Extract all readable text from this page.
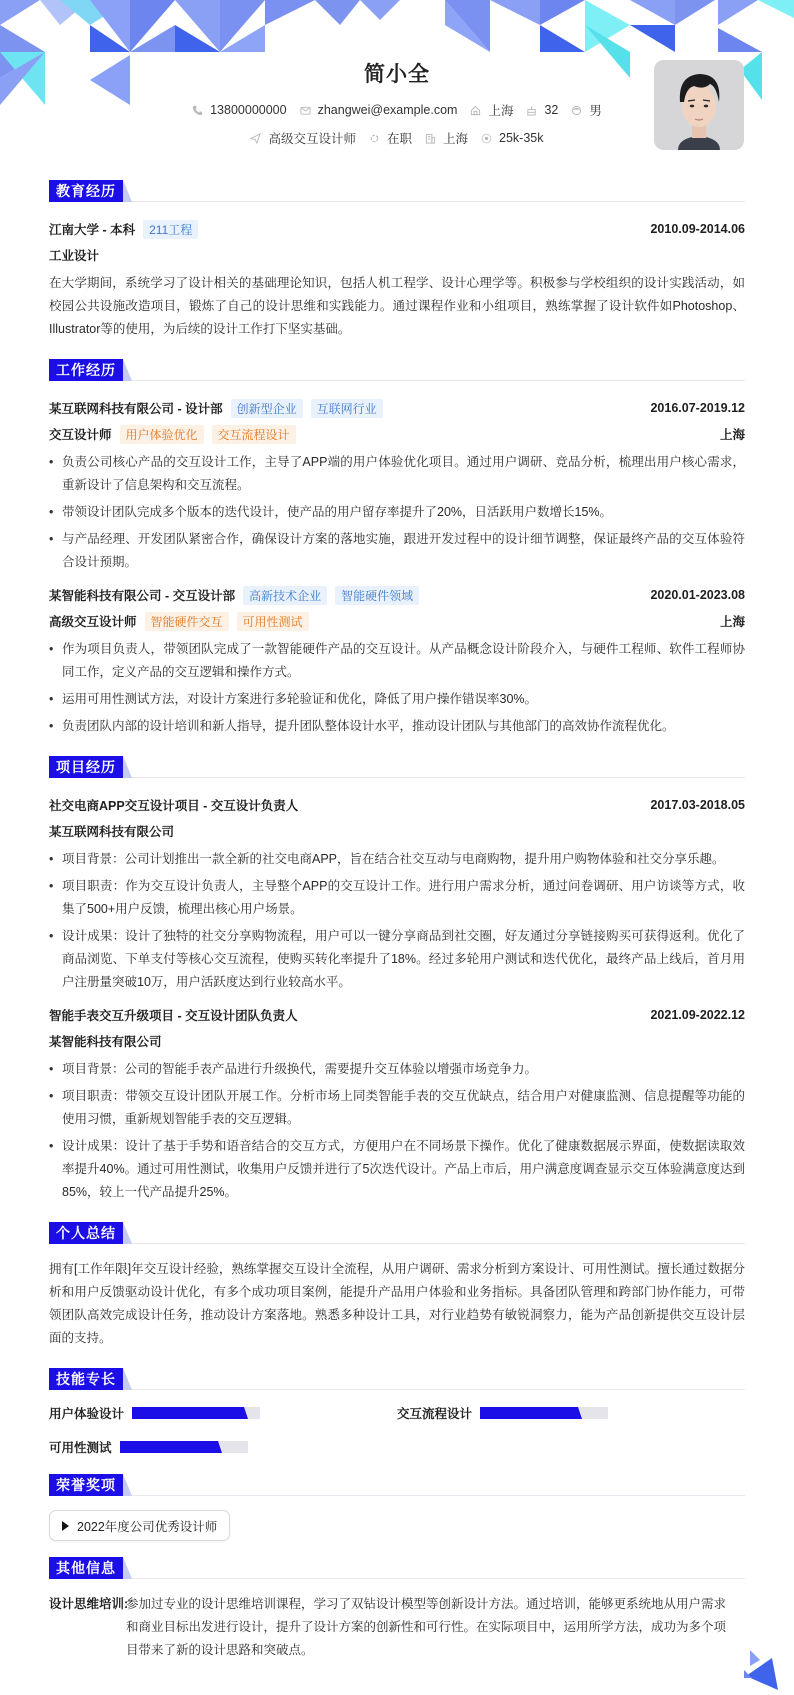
简小全
13800000000 zhangwei@example.com 上海 32 男
高级交互设计师 在职 上海 25k-35k
教育经历
江南大学 - 本科	211工程	2010.09-2014.06
工业设计

在大学期间，系统学习了设计相关的基础理论知识，包括人机工程学、设计心理学等。积极参与学校组织的设计实践活动，如校园公共设施改造项目，锻炼了自己的设计思维和实践能力。通过课程作业和小组项目，熟练掌握了设计软件如Photoshop、Illustrator等的使用，为后续的设计工作打下坚实基础。

工作经历
某互联网科技有限公司 - 设计部	创新型企业	互联网行业	2016.07-2019.12
交互设计师	用户体验优化	交互流程设计	上海
• 负责公司核心产品的交互设计工作，主导了APP端的用户体验优化项目。通过用户调研、竞品分析，梳理出用户核心需求，重新设计了信息架构和交互流程。
• 带领设计团队完成多个版本的迭代设计，使产品的用户留存率提升了20%，日活跃用户数增长15%。
• 与产品经理、开发团队紧密合作，确保设计方案的落地实施，跟进开发过程中的设计细节调整，保证最终产品的交互体验符合设计预期。
某智能科技有限公司 - 交互设计部	高新技术企业	智能硬件领域	2020.01-2023.08
高级交互设计师	智能硬件交互	可用性测试	上海
• 作为项目负责人，带领团队完成了一款智能硬件产品的交互设计。从产品概念设计阶段介入，与硬件工程师、软件工程师协同工作，定义产品的交互逻辑和操作方式。
• 运用可用性测试方法，对设计方案进行多轮验证和优化，降低了用户操作错误率30%。
• 负责团队内部的设计培训和新人指导，提升团队整体设计水平，推动设计团队与其他部门的高效协作流程优化。
项目经历
社交电商APP交互设计项目 - 交互设计负责人	2017.03-2018.05
某互联网科技有限公司
• 项目背景：公司计划推出一款全新的社交电商APP，旨在结合社交互动与电商购物，提升用户购物体验和社交分享乐趣。
• 项目职责：作为交互设计负责人，主导整个APP的交互设计工作。进行用户需求分析，通过问卷调研、用户访谈等方式，收集了500+用户反馈，梳理出核心用户场景。
• 设计成果：设计了独特的社交分享购物流程，用户可以一键分享商品到社交圈，好友通过分享链接购买可获得返利。优化了商品浏览、下单支付等核心交互流程，使购买转化率提升了18%。经过多轮用户测试和迭代优化，最终产品上线后，首月用户注册量突破10万，用户活跃度达到行业较高水平。
智能手表交互升级项目 - 交互设计团队负责人	2021.09-2022.12
某智能科技有限公司
• 项目背景：公司的智能手表产品进行升级换代，需要提升交互体验以增强市场竞争力。
• 项目职责：带领交互设计团队开展工作。分析市场上同类智能手表的交互优缺点，结合用户对健康监测、信息提醒等功能的使用习惯，重新规划智能手表的交互逻辑。
• 设计成果：设计了基于手势和语音结合的交互方式，方便用户在不同场景下操作。优化了健康数据展示界面，使数据读取效率提升40%。通过可用性测试，收集用户反馈并进行了5次迭代设计。产品上市后，用户满意度调查显示交互体验满意度达到85%，较上一代产品提升25%。
个人总结

拥有[工作年限]年交互设计经验，熟练掌握交互设计全流程，从用户调研、需求分析到方案设计、可用性测试。擅长通过数据分析和用户反馈驱动设计优化，有多个成功项目案例，能提升产品用户体验和业务指标。具备团队管理和跨部门协作能力，可带领团队高效完成设计任务，推动设计方案落地。熟悉多种设计工具，对行业趋势有敏锐洞察力，能为产品创新提供交互设计层面的支持。

技能专长
用户体验设计	交互流程设计
可用性测试
荣誉奖项
2022年度公司优秀设计师
其他信息
设计思维培训:
参加过专业的设计思维培训课程，学习了双钻设计模型等创新设计方法。通过培训，能够更系统地从用户需求和商业目标出发进行设计，提升了设计方案的创新性和可行性。在实际项目中，运用所学方法，成功为多个项目带来了新的设计思路和突破点。
